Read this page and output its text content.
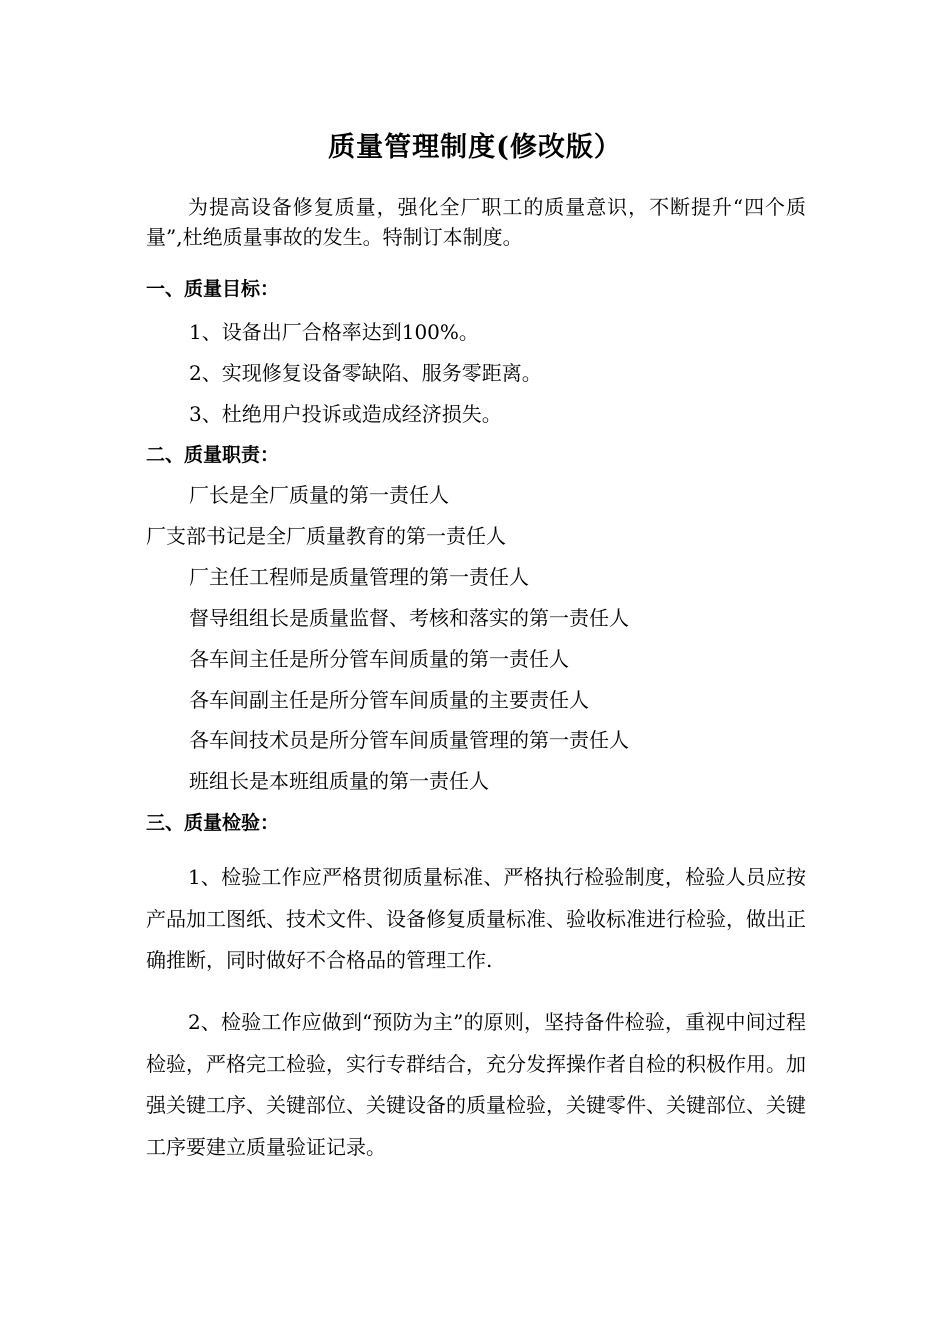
质量管理制度(修改版）

为提高设备修复质量，强化全厂职工的质量意识，不断提升“四个质量”,杜绝质量事故的发生。特制订本制度。

一、质量目标：
1、设备出厂合格率达到100%。
2、实现修复设备零缺陷、服务零距离。
3、杜绝用户投诉或造成经济损失。
二、质量职责：
厂长是全厂质量的第一责任人
厂支部书记是全厂质量教育的第一责任人
厂主任工程师是质量管理的第一责任人
督导组组长是质量监督、考核和落实的第一责任人
各车间主任是所分管车间质量的第一责任人
各车间副主任是所分管车间质量的主要责任人
各车间技术员是所分管车间质量管理的第一责任人
班组长是本班组质量的第一责任人
三、质量检验：

1、检验工作应严格贯彻质量标准、严格执行检验制度，检验人员应按产品加工图纸、技术文件、设备修复质量标准、验收标准进行检验，做出正确推断，同时做好不合格品的管理工作.

2、检验工作应做到“预防为主”的原则，坚持备件检验，重视中间过程检验，严格完工检验，实行专群结合，充分发挥操作者自检的积极作用。加强关键工序、关键部位、关键设备的质量检验，关键零件、关键部位、关键工序要建立质量验证记录。
